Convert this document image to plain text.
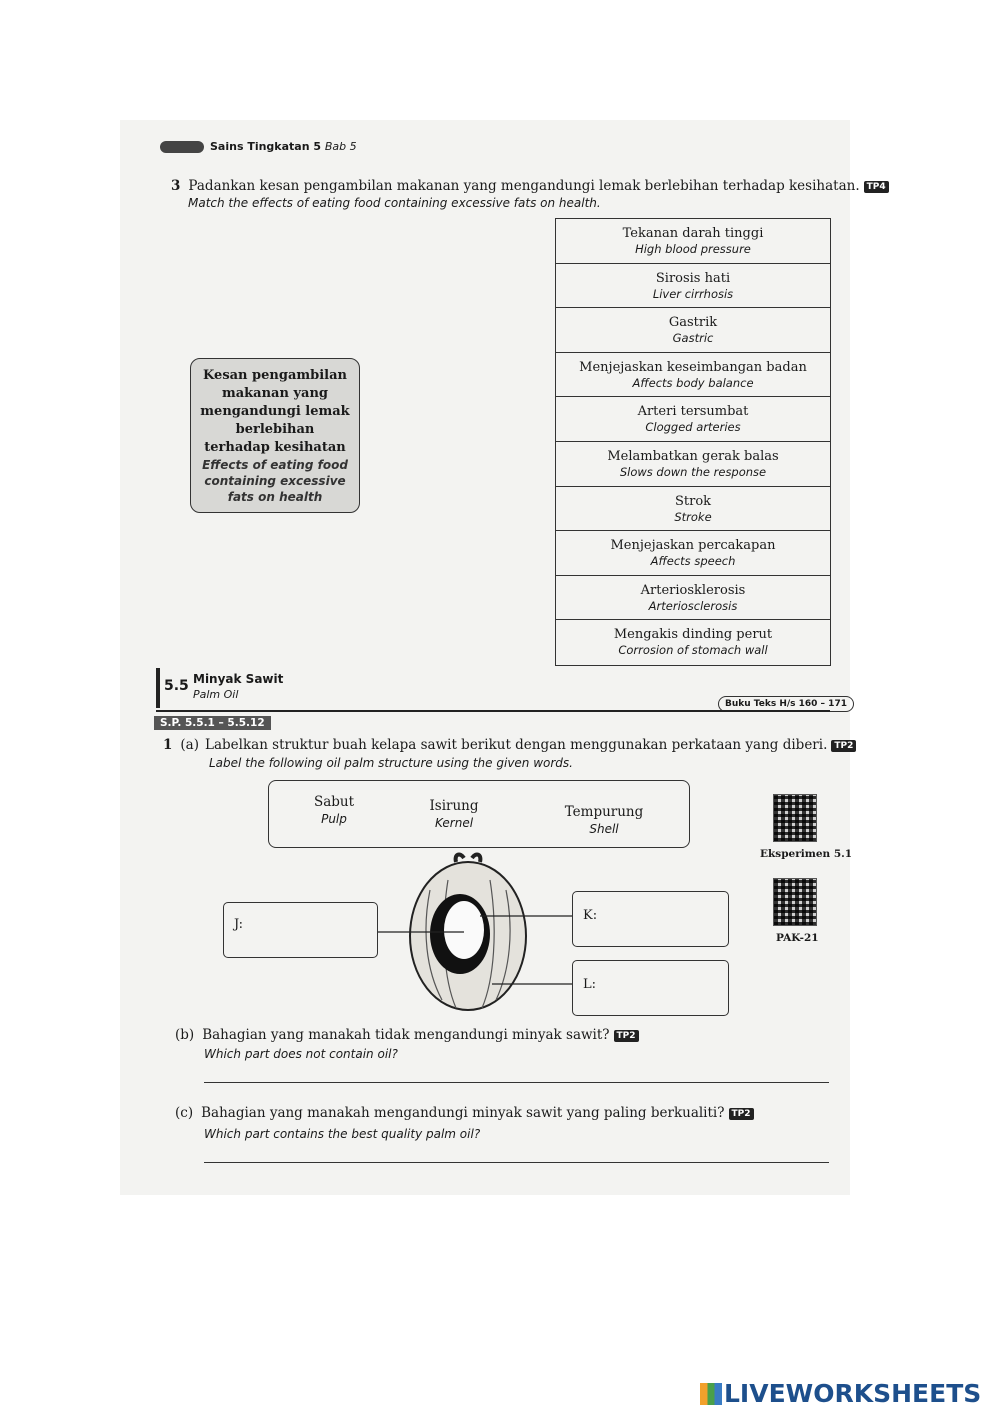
Sains Tingkatan 5 Bab 5
3 Padankan kesan pengambilan makanan yang mengandungi lemak berlebihan terhadap kesihatan. TP4
Match the effects of eating food containing excessive fats on health.
Kesan pengambilan
makanan yang
mengandungi lemak
berlebihan
terhadap kesihatan
Effects of eating food
containing excessive
fats on health
Tekanan darah tinggi
High blood pressure
Sirosis hati
Liver cirrhosis
Gastrik
Gastric
Menjejaskan keseimbangan badan
Affects body balance
Arteri tersumbat
Clogged arteries
Melambatkan gerak balas
Slows down the response
Strok
Stroke
Menjejaskan percakapan
Affects speech
Arteriosklerosis
Arteriosclerosis
Mengakis dinding perut
Corrosion of stomach wall
5.5 Minyak Sawit
Palm Oil
Buku Teks H/s 160 – 171
S.P. 5.5.1 – 5.5.12
1 (a) Labelkan struktur buah kelapa sawit berikut dengan menggunakan perkataan yang diberi. TP2
Label the following oil palm structure using the given words.
Sabut
Pulp
Isirung
Kernel
Tempurung
Shell
Eksperimen 5.1
PAK-21
J:
K:
L:
(b) Bahagian yang manakah tidak mengandungi minyak sawit? TP2
Which part does not contain oil?
(c) Bahagian yang manakah mengandungi minyak sawit yang paling berkualiti? TP2
Which part contains the best quality palm oil?
LIVEWORKSHEETS
